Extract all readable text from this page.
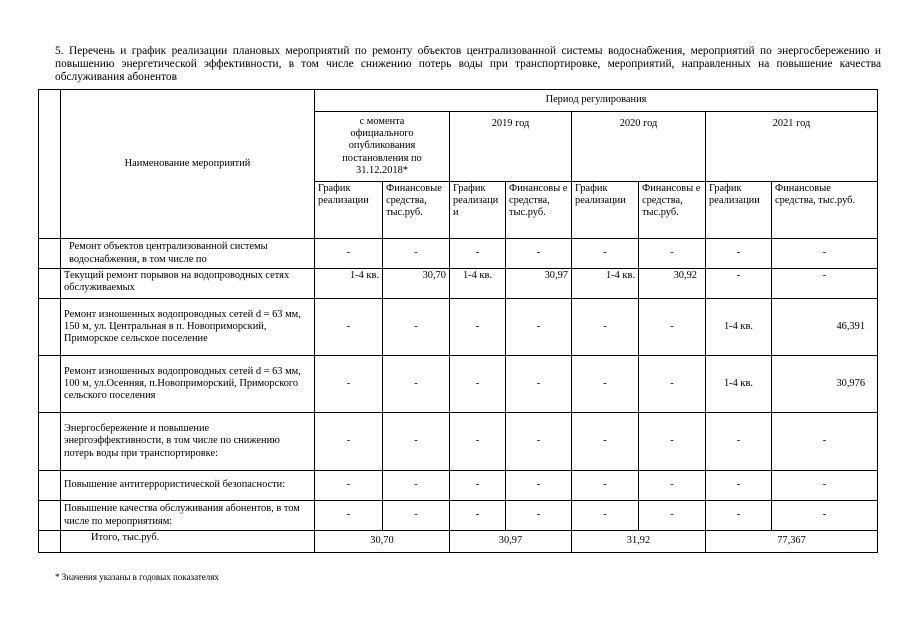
5. Перечень и график реализации плановых мероприятий по ремонту объектов централизованной системы водоснабжения, мероприятий по энергосбережению и повышению энергетической эффективности, в том числе снижению потерь воды при транспортировке, мероприятий, направленных на повышение качества обслуживания абонентов
	Наименование мероприятий	Период регулирования							
		с момента официального опубликования постановления по 31.12.2018*		2019 год		2020 год		2021 год	
		График реализации	Финансовые средства, тыс.руб.	График реализаци и	Финансовы е средства, тыс.руб.	График реализации	Финансовы е средства, тыс.руб.	График реализации	Финансовые средства, тыс.руб.
	Ремонт объектов централизованной системы водоснабжения, в том числе по	-	-	-	-	-	-	-	-
	Текущий ремонт порывов на водопроводных сетях обслуживаемых	1-4 кв.	30,70	1-4 кв.	30,97	1-4 кв.	30,92	-	-
	Ремонт изношенных водопроводных сетей d = 63 мм, 150 м, ул. Центральная в п. Новоприморский, Приморское сельское поселение	-	-	-	-	-	-	1-4 кв.	46,391
	Ремонт изношенных водопроводных сетей d = 63 мм, 100 м, ул.Осенняя, п.Новоприморский, Приморского сельского поселения	-	-	-	-	-	-	1-4 кв.	30,976
	Энергосбережение и повышение энергоэффективности, в том числе по снижению потерь воды при транспортировке:	-	-	-	-	-	-	-	-
	Повышение антитеррористической безопасности:	-	-	-	-	-	-	-	-
	Повышение качества обслуживания абонентов, в том числе по мероприятиям:	-	-	-	-	-	-	-	-
	Итого, тыс.руб.	30,70		30,97		31,92		77,367	
* Значения указаны в годовых показателях
